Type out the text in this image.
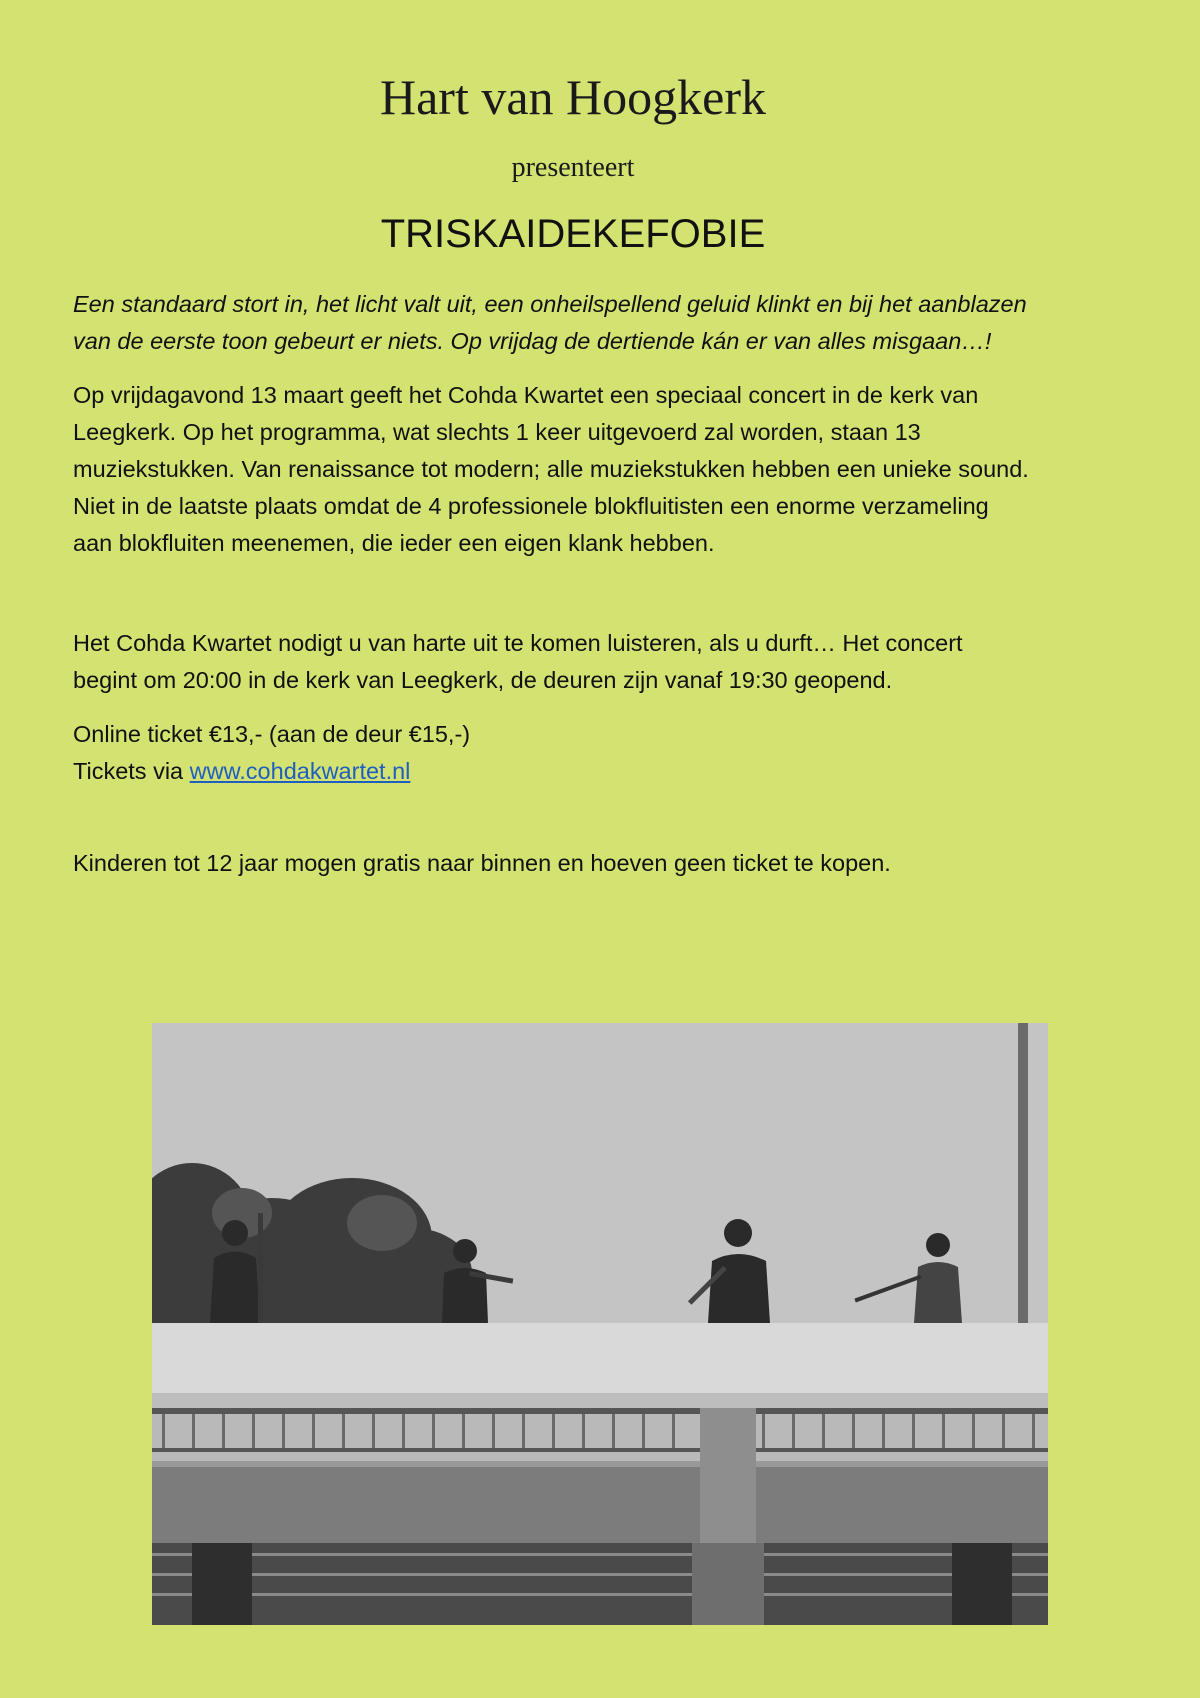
Hart van Hoogkerk
presenteert
TRISKAIDEKEFOBIE

Een standaard stort in, het licht valt uit, een onheilspellend geluid klinkt en bij het aanblazen

van de eerste toon gebeurt er niets. Op vrijdag de dertiende kán er van alles misgaan…!

Op vrijdagavond 13 maart geeft het Cohda Kwartet een speciaal concert in de kerk van

Leegkerk. Op het programma, wat slechts 1 keer uitgevoerd zal worden, staan 13

muziekstukken. Van renaissance tot modern; alle muziekstukken hebben een unieke sound.

Niet in de laatste plaats omdat de 4 professionele blokfluitisten een enorme verzameling

aan blokfluiten meenemen, die ieder een eigen klank hebben.

Het Cohda Kwartet nodigt u van harte uit te komen luisteren, als u durft… Het concert

begint om 20:00 in de kerk van Leegkerk, de deuren zijn vanaf 19:30 geopend.

Online ticket €13,- (aan de deur €15,-)

Tickets via www.cohdakwartet.nl

Kinderen tot 12 jaar mogen gratis naar binnen en hoeven geen ticket te kopen.
